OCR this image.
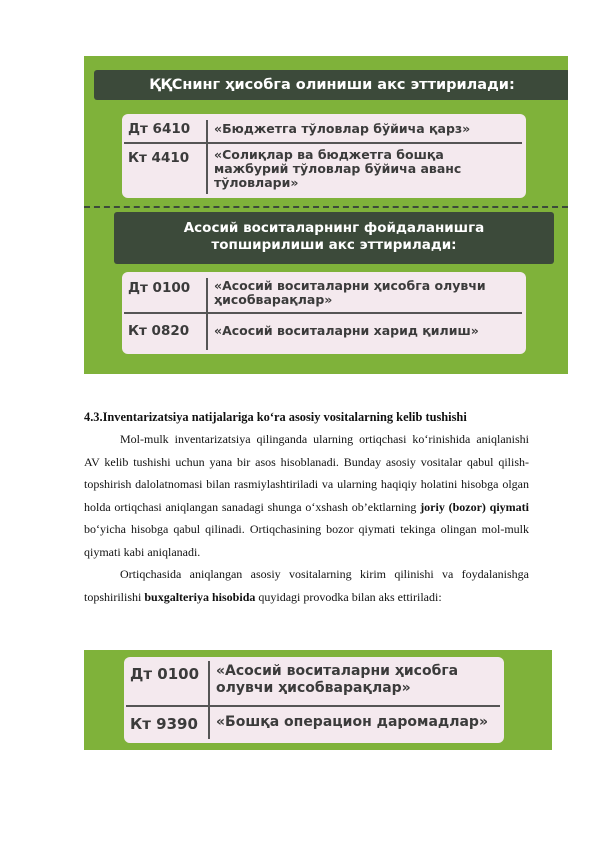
ҚҚСнинг ҳисобга олиниши акс эттирилади:
Дт 6410 «Бюджетга тўловлар бўйича қарз»
Кт 4410 «Солиқлар ва бюджетга бошқа
мажбурий тўловлар бўйича аванс
тўловлари»
Асосий воситаларнинг фойдаланишга
топширилиши акс эттирилади:
Дт 0100 «Асосий воситаларни ҳисобга олувчи
ҳисобварақлар»
Кт 0820 «Асосий воситаларни харид қилиш»
4.3.Inventarizatsiya natijalariga ko‘ra asosiy vositalarning kelib tushishi
Mol-mulk inventarizatsiya qilinganda ularning ortiqchasi ko‘rinishida aniqlanishi AV kelib tushishi uchun yana bir asos hisoblanadi. Bunday asosiy vositalar qabul qilish-topshirish dalolatnomasi bilan rasmiylashtiriladi va ularning haqiqiy holatini hisobga olgan holda ortiqchasi aniqlangan sanadagi shunga o‘xshash ob’ektlarning joriy (bozor) qiymati bo‘yicha hisobga qabul qilinadi. Ortiqchasining bozor qiymati tekinga olingan mol-mulk qiymati kabi aniqlanadi.
Ortiqchasida aniqlangan asosiy vositalarning kirim qilinishi va foydalanishga topshirilishi buxgalteriya hisobida quyidagi provodka bilan aks ettiriladi:
Дт 0100 «Асосий воситаларни ҳисобга
олувчи ҳисобварақлар»
Кт 9390 «Бошқа операцион даромадлар»
